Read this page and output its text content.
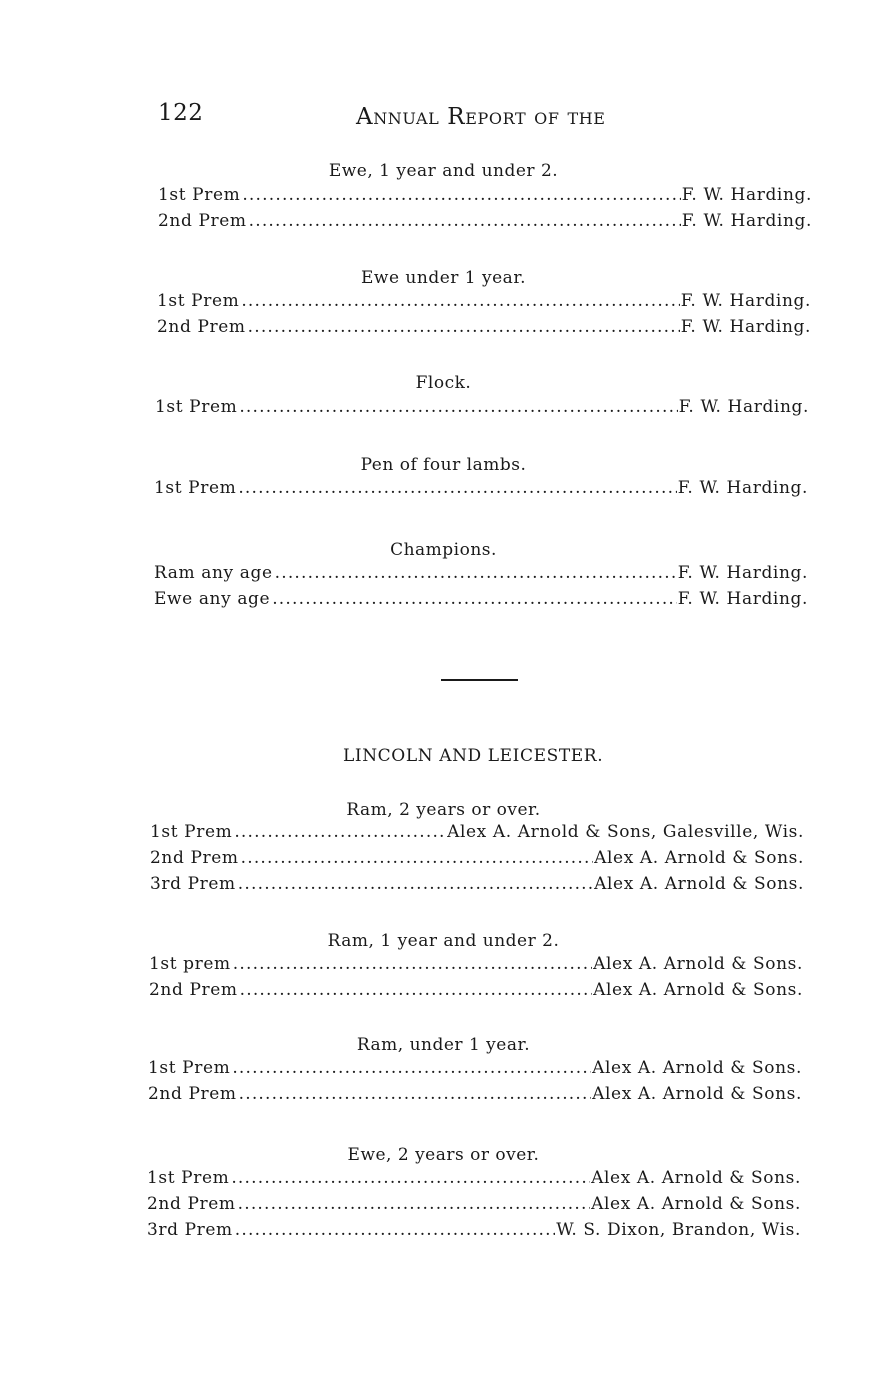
122	Annual Report of the
Ewe, 1 year and under 2.
1st Prem .....	F. W. Harding.
2nd Prem .....	F. W. Harding.
Ewe under 1 year.
1st Prem .....	F. W. Harding.
2nd Prem .....	F. W. Harding.
Flock.
1st Prem .....	F. W. Harding.
Pen of four lambs.
1st Prem .....	F. W. Harding.
Champions.
Ram any age .....	F. W. Harding.
Ewe any age .....	F. W. Harding.
LINCOLN AND LEICESTER.
Ram, 2 years or over.
1st Prem .....	Alex A. Arnold & Sons, Galesville, Wis.
2nd Prem .....	Alex A. Arnold & Sons.
3rd Prem .....	Alex A. Arnold & Sons.
Ram, 1 year and under 2.
1st prem .....	Alex A. Arnold & Sons.
2nd Prem .....	Alex A. Arnold & Sons.
Ram, under 1 year.
1st Prem .....	Alex A. Arnold & Sons.
2nd Prem .....	Alex A. Arnold & Sons.
Ewe, 2 years or over.
1st Prem .....	Alex A. Arnold & Sons.
2nd Prem .....	Alex A. Arnold & Sons.
3rd Prem .....	W. S. Dixon, Brandon, Wis.
